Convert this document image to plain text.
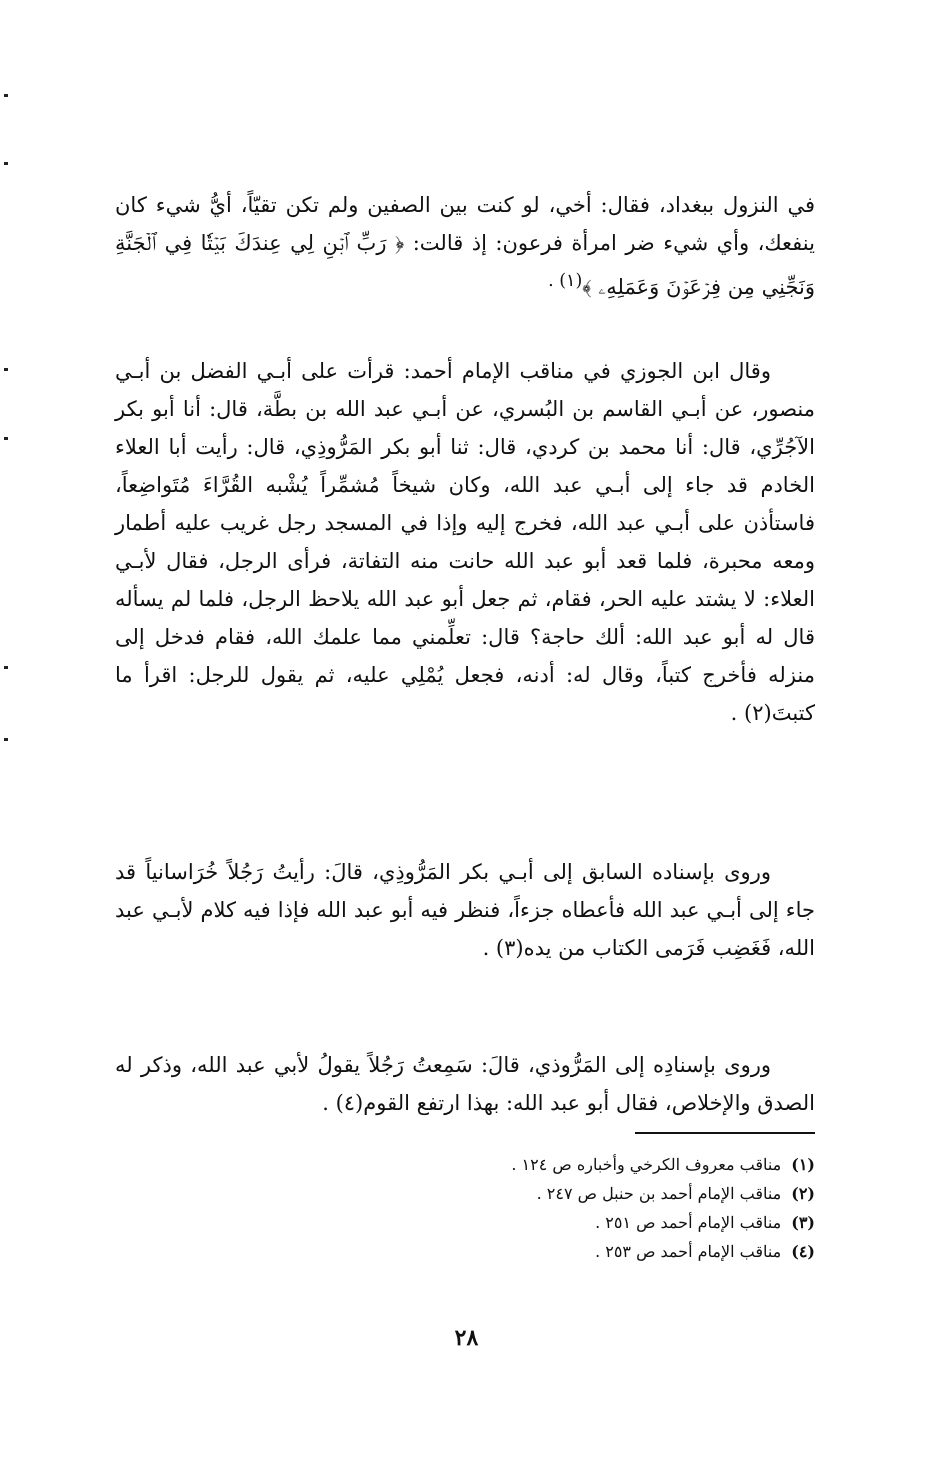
في النزول ببغداد، فقال: أخي، لو كنت بين الصفين ولم تكن تقيّاً، أيُّ شيء كان ينفعك، وأي شيء ضر امرأة فرعون: إذ قالت: ﴿ رَبِّ ٱبۡنِ لِي عِندَكَ بَيۡتٗا فِي ٱلۡجَنَّةِ وَنَجِّنِي مِن فِرۡعَوۡنَ وَعَمَلِهِۦ ﴾$^{(١) .}$

وقال ابن الجوزي في مناقب الإمام أحمد: قرأت على أبـي الفضل بن أبـي منصور، عن أبـي القاسم بن البُسري، عن أبـي عبد الله بن بطَّة، قال: أنا أبو بكر الآجُرِّي، قال: أنا محمد بن كردي، قال: ثنا أبو بكر المَرُّوذِي، قال: رأيت أبا العلاء الخادم قد جاء إلى أبـي عبد الله، وكان شيخاً مُشمِّراً يُشْبه القُرَّاءَ مُتَواضِعاً، فاستأذن على أبـي عبد الله، فخرج إليه وإذا في المسجد رجل غريب عليه أطمار ومعه محبرة، فلما قعد أبو عبد الله حانت منه التفاتة، فرأى الرجل، فقال لأبـي العلاء: لا يشتد عليه الحر، فقام، ثم جعل أبو عبد الله يلاحظ الرجل، فلما لم يسأله قال له أبو عبد الله: ألك حاجة؟ قال: تعلِّمني مما علمك الله، فقام فدخل إلى منزله فأخرج كتباً، وقال له: أدنه، فجعل يُمْلِي عليه، ثم يقول للرجل: اقرأ ما كتبتَ(٢) .

وروى بإسناده السابق إلى أبـي بكر المَرُّوذِي، قالَ: رأيتُ رَجُلاً خُرَاسانياً قد جاء إلى أبـي عبد الله فأعطاه جزءاً، فنظر فيه أبو عبد الله فإذا فيه كلام لأبـي عبد الله، فَغَضِب فَرَمى الكتاب من يده(٣) .

وروى بإسنادِه إلى المَرُّوذي، قالَ: سَمِعتُ رَجُلاً يقولُ لأبي عبد الله، وذكر له الصدق والإخلاص، فقال أبو عبد الله: بهذا ارتفع القوم(٤) .

(١)مناقب معروف الكرخي وأخباره ص ١٢٤ .
(٢)مناقب الإمام أحمد بن حنبل ص ٢٤٧ .
(٣)مناقب الإمام أحمد ص ٢٥١ .
(٤)مناقب الإمام أحمد ص ٢٥٣ .
٢٨
